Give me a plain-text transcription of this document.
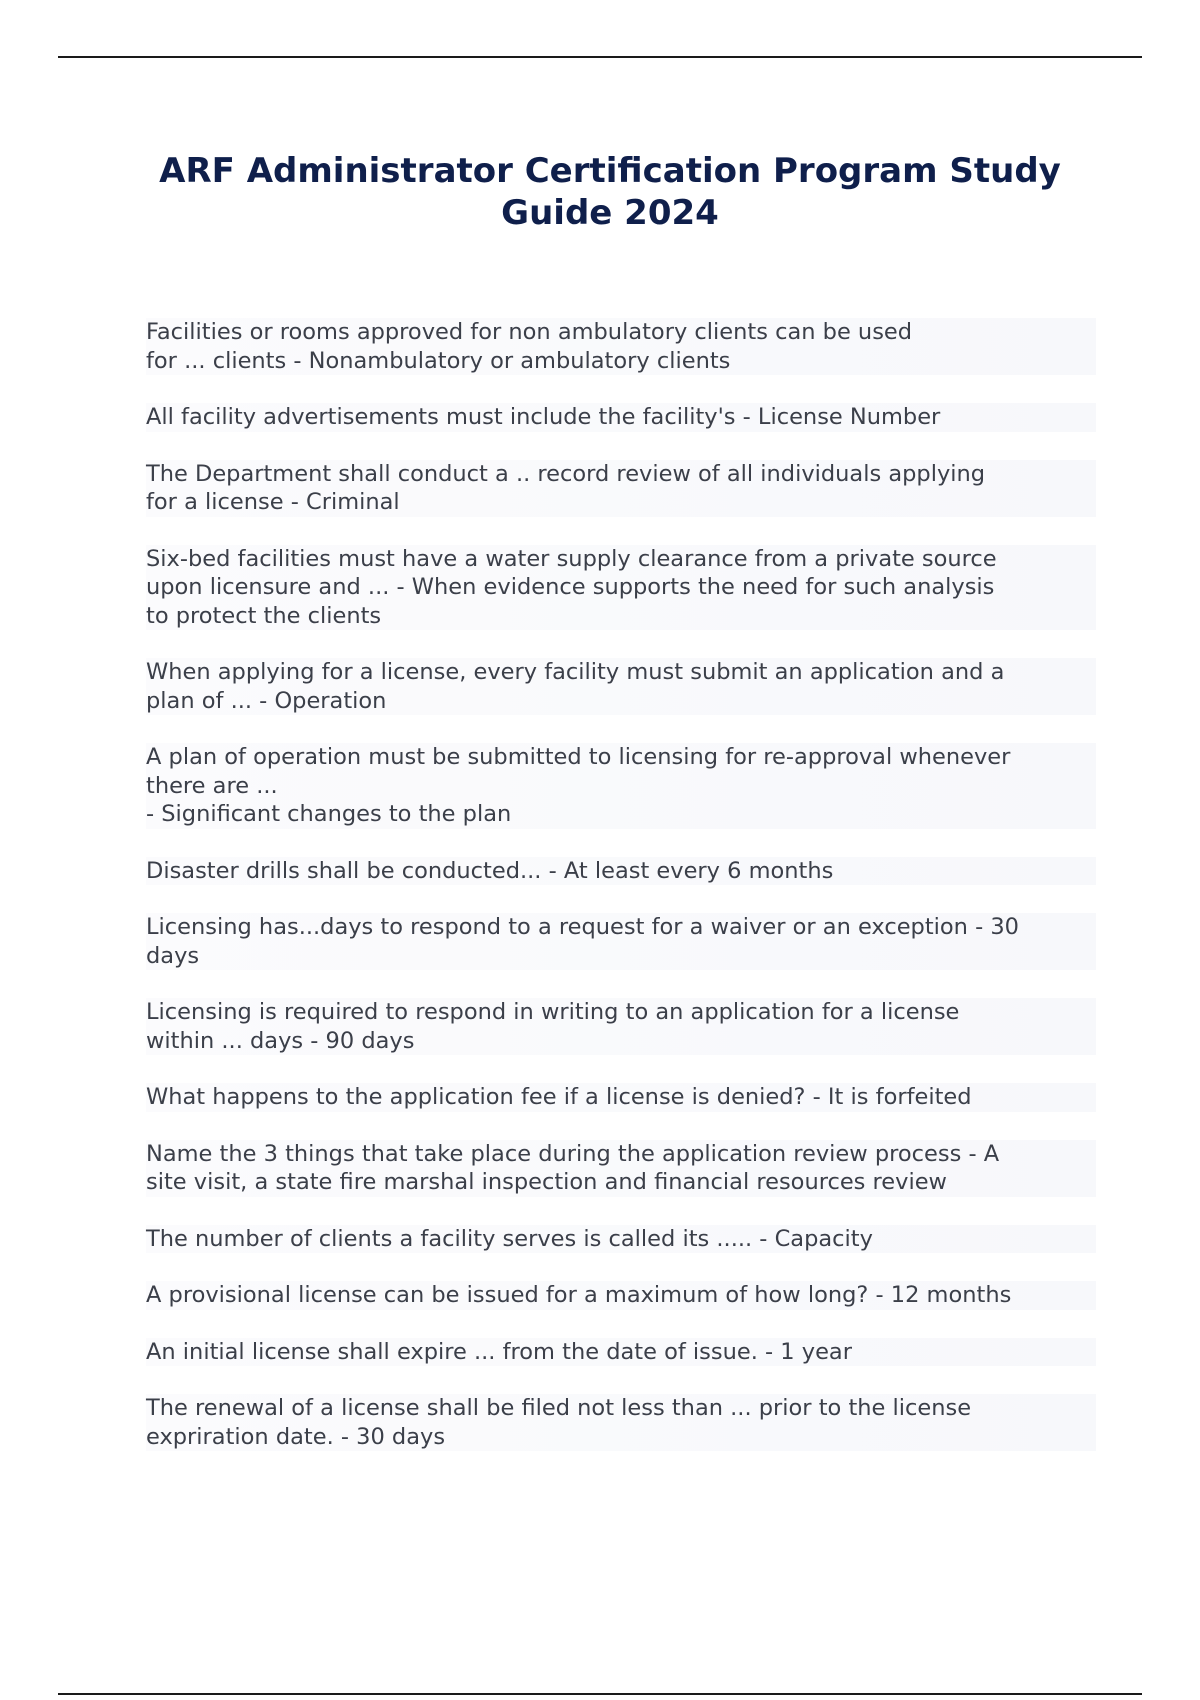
ARF Administrator Certification Program Study Guide 2024
Facilities or rooms approved for non ambulatory clients can be used
for ... clients - Nonambulatory or ambulatory clients
All facility advertisements must include the facility's - License Number
The Department shall conduct a .. record review of all individuals applying
for a license - Criminal
Six-bed facilities must have a water supply clearance from a private source
upon licensure and ... - When evidence supports the need for such analysis
to protect the clients
When applying for a license, every facility must submit an application and a
plan of ... - Operation
A plan of operation must be submitted to licensing for re-approval whenever
there are ...
- Significant changes to the plan
Disaster drills shall be conducted... - At least every 6 months
Licensing has...days to respond to a request for a waiver or an exception - 30
days
Licensing is required to respond in writing to an application for a license
within ... days - 90 days
What happens to the application fee if a license is denied? - It is forfeited
Name the 3 things that take place during the application review process - A
site visit, a state fire marshal inspection and financial resources review
The number of clients a facility serves is called its ..... - Capacity
A provisional license can be issued for a maximum of how long? - 12 months
An initial license shall expire ... from the date of issue. - 1 year
The renewal of a license shall be filed not less than ... prior to the license
expriration date. - 30 days
